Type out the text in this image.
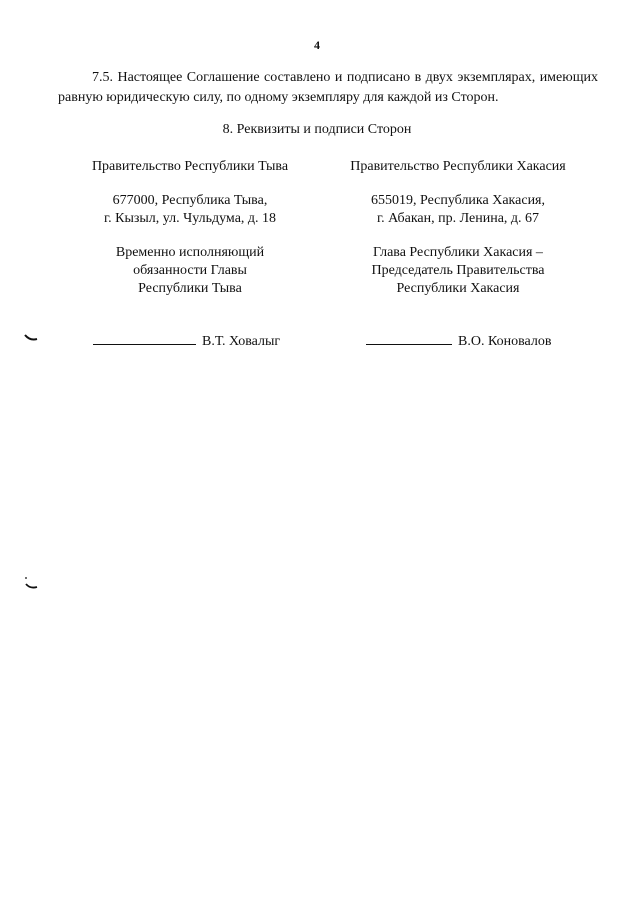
4
7.5. Настоящее Соглашение составлено и подписано в двух экземплярах, имеющих равную юридическую силу, по одному экземпляру для каждой из Сторон.
8. Реквизиты и подписи Сторон
Правительство Республики Тыва
677000, Республика Тыва,
г. Кызыл, ул. Чульдума, д. 18
Временно исполняющий
обязанности Главы
Республики Тыва
В.Т. Ховалыг
Правительство Республики Хакасия
655019, Республика Хакасия,
г. Абакан, пр. Ленина, д. 67
Глава Республики Хакасия –
Председатель Правительства
Республики Хакасия
В.О. Коновалов
